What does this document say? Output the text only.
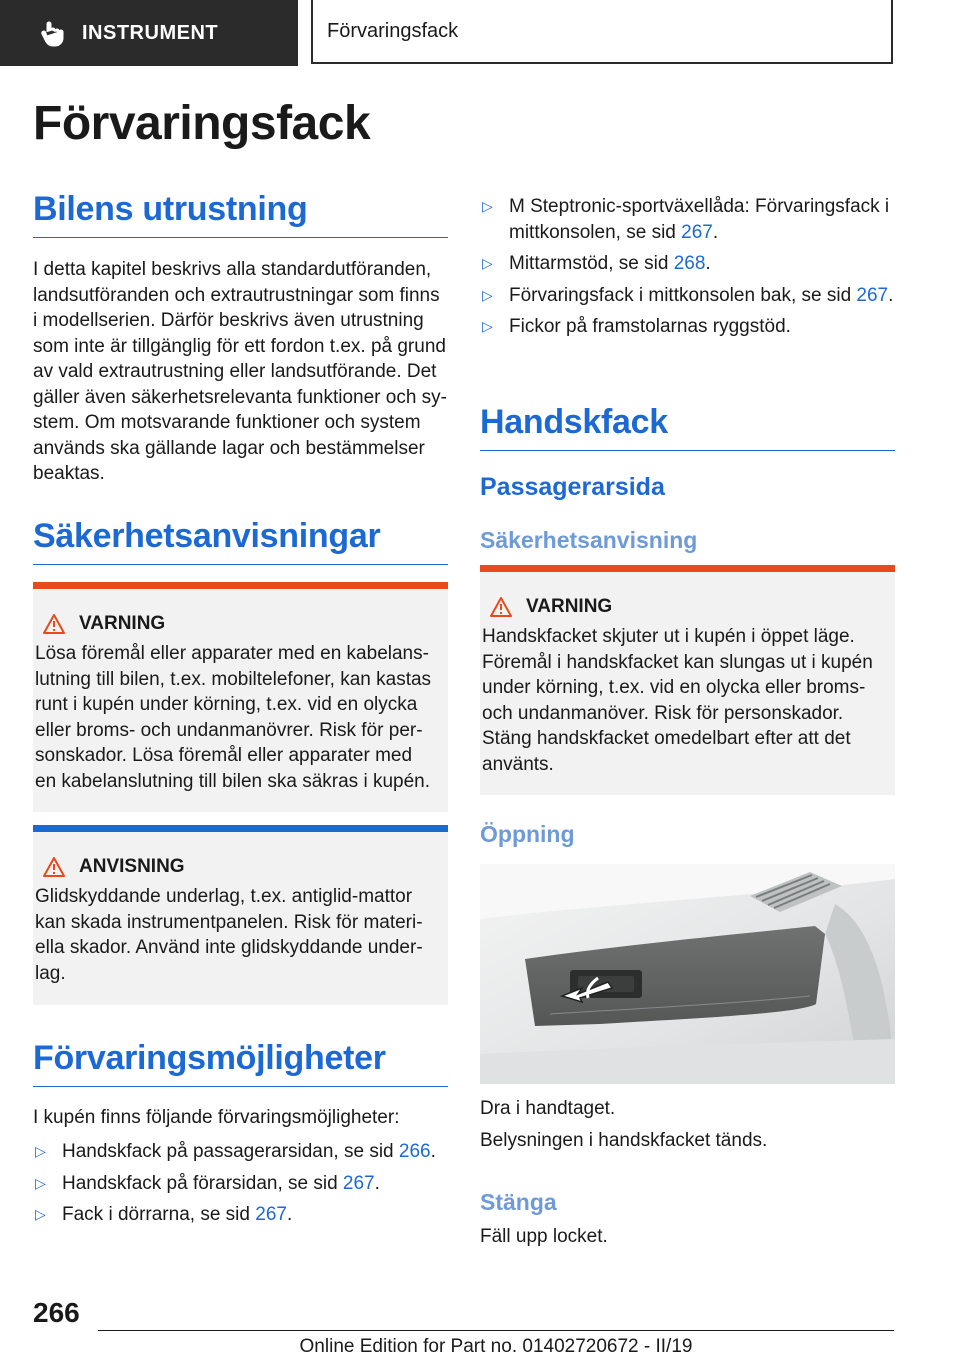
INSTRUMENT	Förvaringsfack
Förvaringsfack
Bilens utrustning

I detta kapitel beskrivs alla standardutföranden, landsutföranden och extrautrustningar som finns i modellserien. Därför beskrivs även utrustning som inte är tillgänglig för ett fordon t.ex. på grund av vald extrautrustning eller landsutförande. Det gäller även säkerhetsrelevanta funktioner och sy-stem. Om motsvarande funktioner och system används ska gällande lagar och bestämmelser beaktas.

Säkerhetsanvisningar
VARNING

Lösa föremål eller apparater med en kabelans-lutning till bilen, t.ex. mobiltelefoner, kan kastas runt i kupén under körning, t.ex. vid en olycka eller broms- och undanmanövrer. Risk för per-sonskador. Lösa föremål eller apparater med en kabelanslutning till bilen ska säkras i kupén.

ANVISNING

Glidskyddande underlag, t.ex. antiglid-mattor kan skada instrumentpanelen. Risk för materi-ella skador. Använd inte glidskyddande under-lag.

Förvaringsmöjligheter

I kupén finns följande förvaringsmöjligheter:

▷ Handskfack på passagerarsidan, se sid 266.
▷ Handskfack på förarsidan, se sid 267.
▷ Fack i dörrarna, se sid 267.
▷ M Steptronic-sportväxellåda: Förvaringsfack i mittkonsolen, se sid 267.
▷ Mittarmstöd, se sid 268.
▷ Förvaringsfack i mittkonsolen bak, se sid 267.
▷ Fickor på framstolarnas ryggstöd.
Handskfack
Passagerarsida
Säkerhetsanvisning
VARNING

Handskfacket skjuter ut i kupén i öppet läge. Föremål i handskfacket kan slungas ut i kupén under körning, t.ex. vid en olycka eller broms-och undanmanöver. Risk för personskador. Stäng handskfacket omedelbart efter att det använts.

Öppning

Dra i handtaget.

Belysningen i handskfacket tänds.

Stänga

Fäll upp locket.

266
Online Edition for Part no. 01402720672 - II/19
